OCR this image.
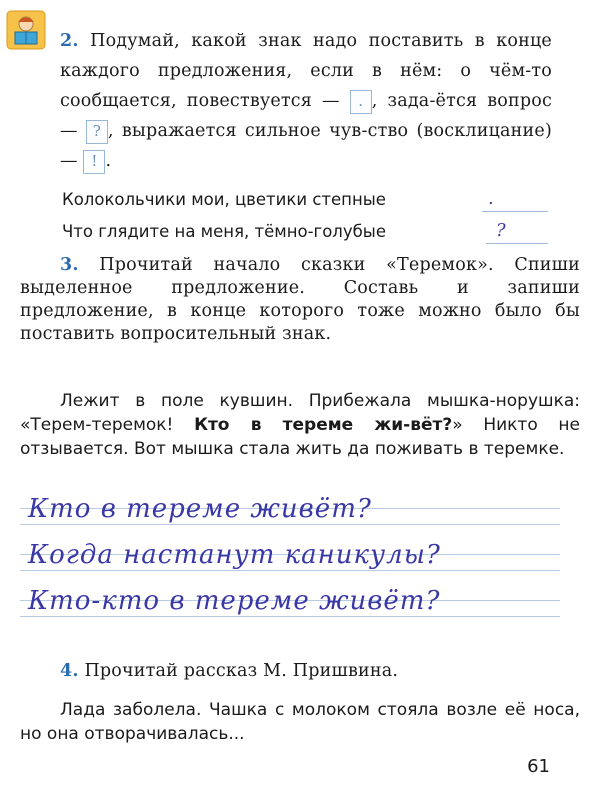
2. Подумай, какой знак надо поставить в конце каждого предложения, если в нём: о чём-то сообщается, повествуется — . , зада-ётся вопрос — ? , выражается сильное чув-ство (восклицание) — ! .

Колокольчики мои, цветики степные	.
Что глядите на меня, тёмно-голубые	?

3. Прочитай начало сказки «Теремок». Спиши выделенное предложение. Составь и запиши предложение, в конце которого тоже можно было бы поставить вопросительный знак.

Лежит в поле кувшин. Прибежала мышка-норушка: «Терем-теремок! Кто в тереме жи-вёт?» Никто не отзывается. Вот мышка стала жить да поживать в теремке.
Кто в тереме живёт?
Когда настанут каникулы?
Кто-кто в тереме живёт?

4. Прочитай рассказ М. Пришвина.

Лада заболела. Чашка с молоком стояла возле её носа, но она отворачивалась...
61
